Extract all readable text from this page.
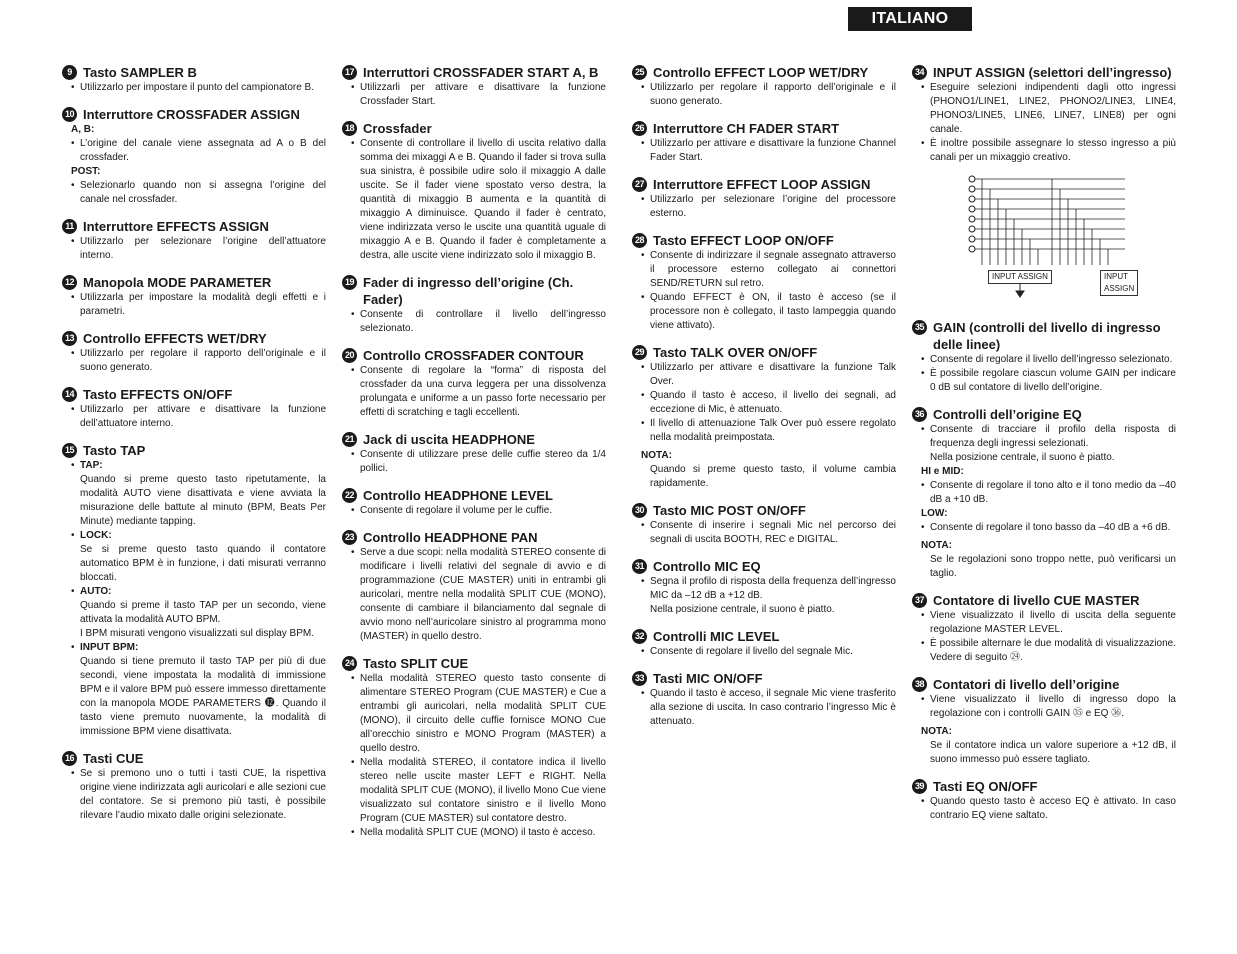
ITALIANO
9 Tasto SAMPLER B
• Utilizzarlo per impostare il punto del campionatore B.
10 Interruttore CROSSFADER ASSIGN
A, B:
• L’origine del canale viene assegnata ad A o B del crossfader.
POST:
• Selezionarlo quando non si assegna l’origine del canale nel crossfader.
11 Interruttore EFFECTS ASSIGN
• Utilizzarlo per selezionare l’origine dell’attuatore interno.
12 Manopola MODE PARAMETER
• Utilizzarla per impostare la modalità degli effetti e i parametri.
13 Controllo EFFECTS WET/DRY
• Utilizzarlo per regolare il rapporto dell’originale e il suono generato.
14 Tasto EFFECTS ON/OFF
• Utilizzarlo per attivare e disattivare la funzione dell’attuatore interno.
15 Tasto TAP
• TAP:
Quando si preme questo tasto ripetutamente, la modalità AUTO viene disattivata e viene avviata la misurazione delle battute al minuto (BPM, Beats Per Minute) mediante tapping.
• LOCK:
Se si preme questo tasto quando il contatore automatico BPM è in funzione, i dati misurati verranno bloccati.
• AUTO:
Quando si preme il tasto TAP per un secondo, viene attivata la modalità AUTO BPM.
I BPM misurati vengono visualizzati sul display BPM.
• INPUT BPM:
Quando si tiene premuto il tasto TAP per più di due secondi, viene impostata la modalità di immissione BPM e il valore BPM può essere immesso direttamente con la manopola MODE PARAMETERS ⓬. Quando il tasto viene premuto nuovamente, la modalità di immissione BPM viene disattivata.
16 Tasti CUE
• Se si premono uno o tutti i tasti CUE, la rispettiva origine viene indirizzata agli auricolari e alle sezioni cue del contatore. Se si premono più tasti, è possibile rilevare l’audio mixato dalle origini selezionate.
17 Interruttori CROSSFADER START A, B
• Utilizzarli per attivare e disattivare la funzione Crossfader Start.
18 Crossfader
• Consente di controllare il livello di uscita relativo dalla somma dei mixaggi A e B. Quando il fader si trova sulla sua sinistra, è possibile udire solo il mixaggio A dalle uscite. Se il fader viene spostato verso destra, la quantità di mixaggio B aumenta e la quantità di mixaggio A diminuisce. Quando il fader è centrato, viene indirizzata verso le uscite una quantità uguale di mixaggio A e B. Quando il fader è completamente a destra, alle uscite viene indirizzato solo il mixaggio B.
19 Fader di ingresso dell’origine (Ch. Fader)
• Consente di controllare il livello dell’ingresso selezionato.
20 Controllo CROSSFADER CONTOUR
• Consente di regolare la “forma” di risposta del crossfader da una curva leggera per una dissolvenza prolungata e uniforme a un passo forte necessario per effetti di scratching e tagli eccellenti.
21 Jack di uscita HEADPHONE
• Consente di utilizzare prese delle cuffie stereo da 1/4 pollici.
22 Controllo HEADPHONE LEVEL
• Consente di regolare il volume per le cuffie.
23 Controllo HEADPHONE PAN
• Serve a due scopi: nella modalità STEREO consente di modificare i livelli relativi del segnale di avvio e di programmazione (CUE MASTER) uniti in entrambi gli auricolari, mentre nella modalità SPLIT CUE (MONO), consente di cambiare il bilanciamento dal segnale di avvio mono nell’auricolare sinistro al programma mono (MASTER) in quello destro.
24 Tasto SPLIT CUE
• Nella modalità STEREO questo tasto consente di alimentare STEREO Program (CUE MASTER) e Cue a entrambi gli auricolari, nella modalità SPLIT CUE (MONO), il circuito delle cuffie fornisce MONO Cue all’orecchio sinistro e MONO Program (MASTER) a quello destro.
• Nella modalità STEREO, il contatore indica il livello stereo nelle uscite master LEFT e RIGHT. Nella modalità SPLIT CUE (MONO), il livello Mono Cue viene visualizzato sul contatore sinistro e il livello Mono Program (CUE MASTER) sul contatore destro.
• Nella modalità SPLIT CUE (MONO) il tasto è acceso.
25 Controllo EFFECT LOOP WET/DRY
• Utilizzarlo per regolare il rapporto dell’originale e il suono generato.
26 Interruttore CH FADER START
• Utilizzarlo per attivare e disattivare la funzione Channel Fader Start.
27 Interruttore EFFECT LOOP ASSIGN
• Utilizzarlo per selezionare l’origine del processore esterno.
28 Tasto EFFECT LOOP ON/OFF
• Consente di indirizzare il segnale assegnato attraverso il processore esterno collegato ai connettori SEND/RETURN sul retro.
• Quando EFFECT è ON, il tasto è acceso (se il processore non è collegato, il tasto lampeggia quando viene attivato).
29 Tasto TALK OVER ON/OFF
• Utilizzarlo per attivare e disattivare la funzione Talk Over.
• Quando il tasto è acceso, il livello dei segnali, ad eccezione di Mic, è attenuato.
• Il livello di attenuazione Talk Over può essere regolato nella modalità preimpostata.
NOTA:
Quando si preme questo tasto, il volume cambia rapidamente.
30 Tasto MIC POST ON/OFF
• Consente di inserire i segnali Mic nel percorso dei segnali di uscita BOOTH, REC e DIGITAL.
31 Controllo MIC EQ
• Segna il profilo di risposta della frequenza dell’ingresso MIC da –12 dB a +12 dB.
Nella posizione centrale, il suono è piatto.
32 Controlli MIC LEVEL
• Consente di regolare il livello del segnale Mic.
33 Tasti MIC ON/OFF
• Quando il tasto è acceso, il segnale Mic viene trasferito alla sezione di uscita. In caso contrario l’ingresso Mic è attenuato.
34 INPUT ASSIGN (selettori dell’ingresso)
• Eseguire selezioni indipendenti dagli otto ingressi (PHONO1/LINE1, LINE2, PHONO2/LINE3, LINE4, PHONO3/LINE5, LINE6, LINE7, LINE8) per ogni canale.
• È inoltre possibile assegnare lo stesso ingresso a più canali per un mixaggio creativo.
INPUT ASSIGN	INPUT ASSIGN
35 GAIN (controlli del livello di ingresso delle linee)
• Consente di regolare il livello dell’ingresso selezionato.
• È possibile regolare ciascun volume GAIN per indicare 0 dB sul contatore di livello dell’origine.
36 Controlli dell’origine EQ
• Consente di tracciare il profilo della risposta di frequenza degli ingressi selezionati.
Nella posizione centrale, il suono è piatto.
HI e MID:
• Consente di regolare il tono alto e il tono medio da –40 dB a +10 dB.
LOW:
• Consente di regolare il tono basso da –40 dB a +6 dB.
NOTA:
Se le regolazioni sono troppo nette, può verificarsi un taglio.
37 Contatore di livello CUE MASTER
• Viene visualizzato il livello di uscita della seguente regolazione MASTER LEVEL.
• È possibile alternare le due modalità di visualizzazione. Vedere di seguito ㉔.
38 Contatori di livello dell’origine
• Viene visualizzato il livello di ingresso dopo la regolazione con i controlli GAIN ㉟ e EQ ㊱.
NOTA:
Se il contatore indica un valore superiore a +12 dB, il suono immesso può essere tagliato.
39 Tasti EQ ON/OFF
• Quando questo tasto è acceso EQ è attivato. In caso contrario EQ viene saltato.
